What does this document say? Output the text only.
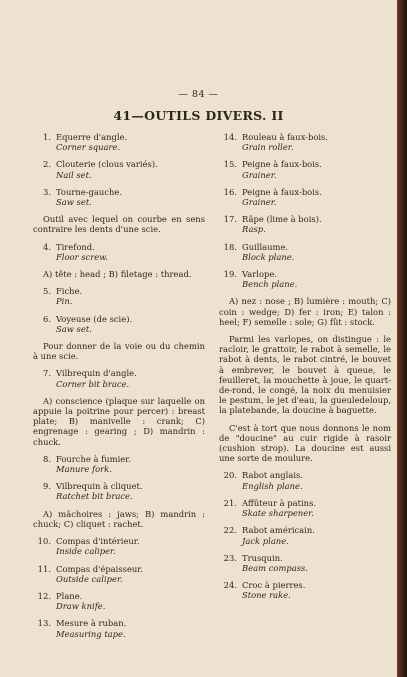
— 84 —
41—OUTILS DIVERS. II
1. Equerre d'angle.
Corner square.
2. Clouterie (clous variés).
Nail set.
3. Tourne-gauche.
Saw set.

Outil avec lequel on courbe en sens contraire les dents d'une scie.

4. Tirefond.
Floor screw.

A) tête : head ; B) filetage : thread.

5. Fiche.
Pin.
6. Voyeuse (de scie).
Saw set.

Pour donner de la voie ou du chemin à une scie.

7. Vilbrequin d'angle.
Corner bit brace.

A) conscience (plaque sur laquelle on appuie la poitrine pour percer) : breast plate; B) manivelle : crank; C) engrenage : gearing ; D) mandrin : chuck.

8. Fourche à fumier.
Manure fork.
9. Vilbrequin à cliquet.
Ratchet bit brace.

A) mâchoires : jaws; B) mandrin : chuck; C) cliquet : rachet.

10. Compas d'intérieur.
Inside caliper.
11. Compas d'épaisseur.
Outside caliper.
12. Plane.
Draw knife.
13. Mesure à ruban.
Measuring tape.
14. Rouleau à faux-bois.
Grain roller.
15. Peigne à faux-bois.
Grainer.
16. Peigne à faux-bois.
Grainer.
17. Râpe (lime à bois).
Rasp.
18. Guillaume.
Block plane.
19. Varlope.
Bench plane.

A) nez : nose ; B) lumière : mouth; C) coin : wedge; D) fer : iron; E) talon : heel; F) semelle : sole; G) fût : stock.

Parmi les varlopes, on distingue : le racloir, le grattoir, le rabot à semelle, le rabot à dents, le rabot cintré, le bouvet à embrever, le bouvet à queue, le feuilleret, la mouchette à joue, le quart-de-rond, le congé, la noix du menuisier le pestum, le jet d'eau, la gueuledeloup, la platebande, la doucine à baguette.

C'est à tort que nous donnons le nom de "doucine" au cuir rigide à rasoir (cushion strop). La doucine est aussi une sorte de moulure.

20. Rabot anglais.
English plane.
21. Affûteur à patins.
Skate sharpener.
22. Rabot américain.
Jack plane.
23. Trusquin.
Beam compass.
24. Croc à pierres.
Stone rake.
